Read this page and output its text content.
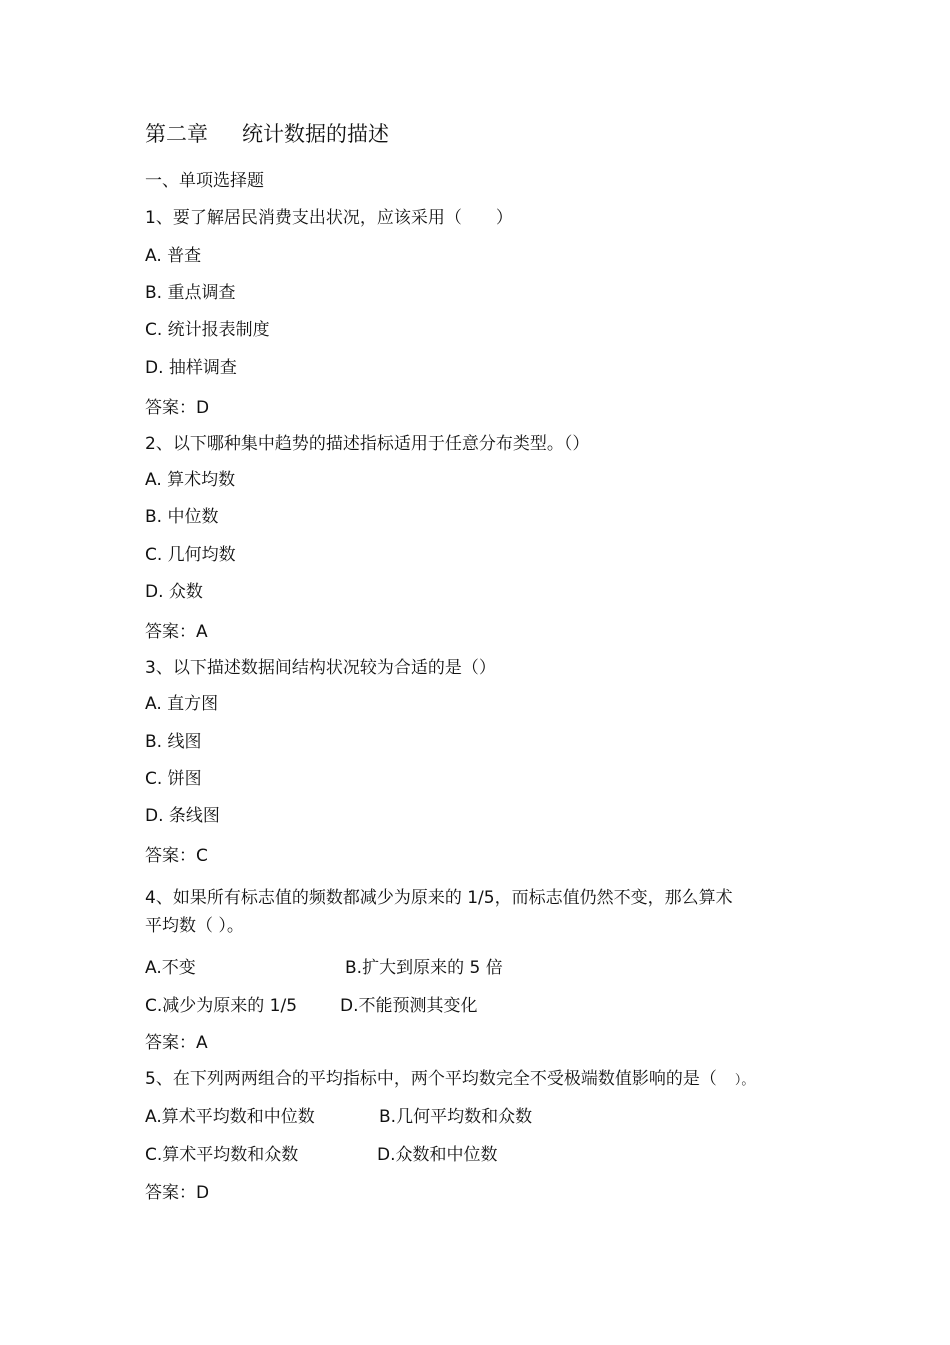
第二章 统计数据的描述
一、单项选择题
1、要了解居民消费支出状况，应该采用（　　）
A. 普查
B. 重点调查
C. 统计报表制度
D. 抽样调查
答案：D
2、以下哪种集中趋势的描述指标适用于任意分布类型。（）
A. 算术均数
B. 中位数
C. 几何均数
D. 众数
答案：A
3、以下描述数据间结构状况较为合适的是（）
A. 直方图
B. 线图
C. 饼图
D. 条线图
答案：C
4、如果所有标志值的频数都减少为原来的 1/5，而标志值仍然不变，那么算术
平均数（ ）。
A.不变	B.扩大到原来的 5 倍
C.减少为原来的 1/5	D.不能预测其变化
答案：A
5、在下列两两组合的平均指标中，两个平均数完全不受极端数值影响的是（ ）。
A.算术平均数和中位数	B.几何平均数和众数
C.算术平均数和众数	D.众数和中位数
答案：D
